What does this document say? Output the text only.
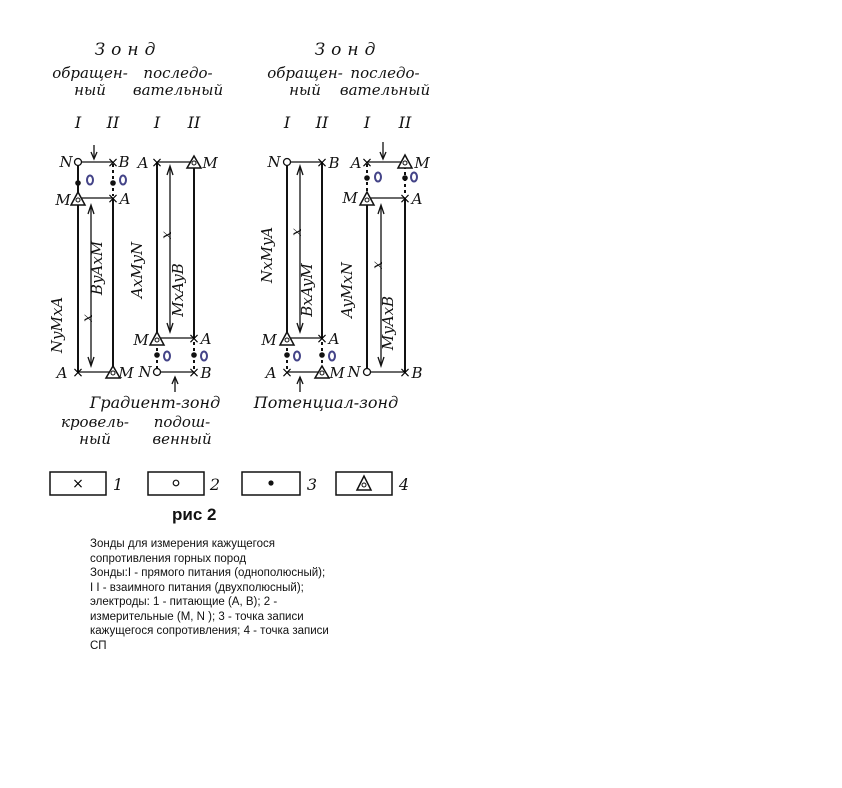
Зонд
обращен-
ный
последо-
вательный
Зонд
обращен-
ный
последо-
вательный
I II I II	I II I II
x
N × B
M	× A
×
A	M
NyMxA
ByAxM
x
×
A	M
M	× A
N	× B
AxMyN MxAyB
x
N	× B
M	× A
×
A	M
NxMyA
BxAyM	x
×
A	M
M	× A
N	× B
AyMxN
MyAxB
Градиент-зонд
кровель-
ный
подош-
венный
Потенциал-зонд
× 1	2	3	4

рис 2

Зонды для измерения кажущегося
сопротивления горных пород
Зонды:I - прямого питания (однополюсный);
I I - взаимного питания (двухполюсный);
электроды: 1 - питающие (А, В); 2 -
измерительные (М, N ); 3 - точка записи
кажущегося сопротивления; 4 - точка записи
СП
